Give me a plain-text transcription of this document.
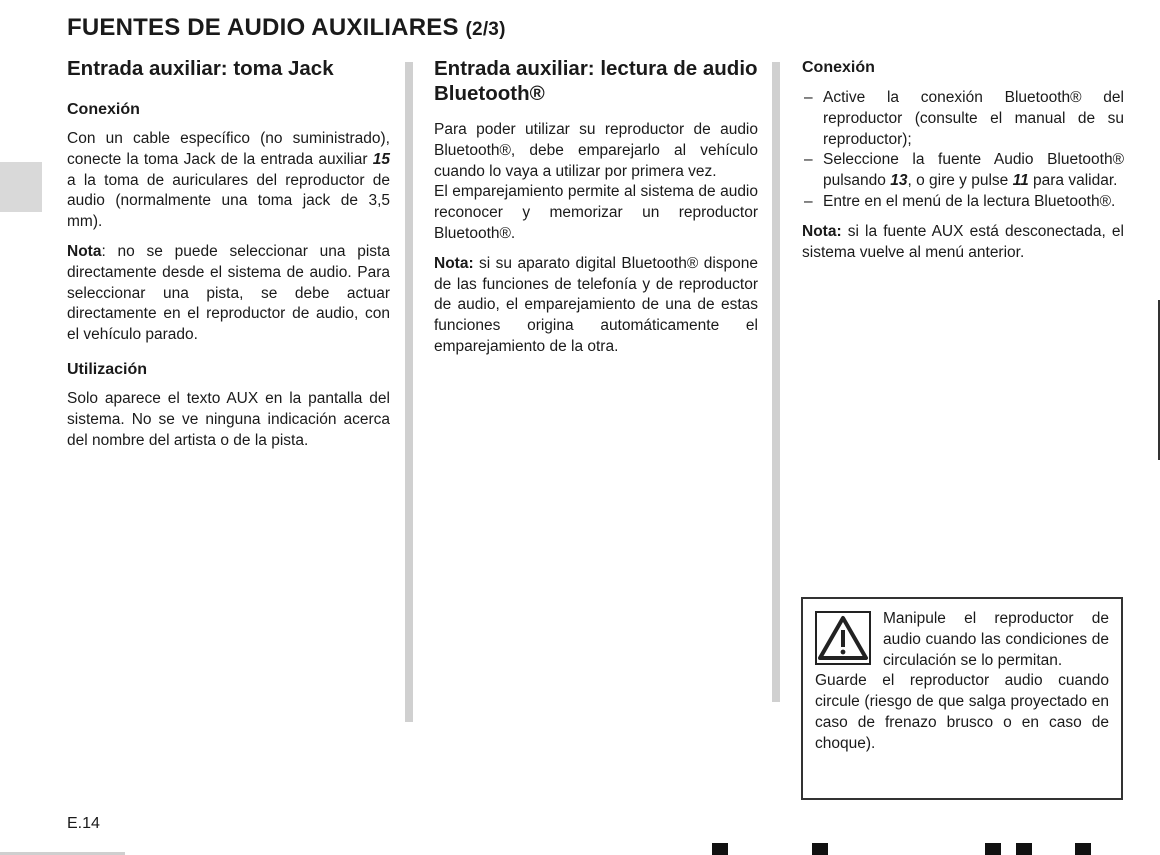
FUENTES DE AUDIO AUXILIARES (2/3)
Entrada auxiliar: toma Jack
Conexión

Con un cable específico (no suministrado), conecte la toma Jack de la entrada auxiliar 15 a la toma de auriculares del reproductor de audio (normalmente una toma jack de 3,5 mm).

Nota: no se puede seleccionar una pista directamente desde el sistema de audio. Para seleccionar una pista, se debe actuar directamente en el reproductor de audio, con el vehículo parado.

Utilización

Solo aparece el texto AUX en la pantalla del sistema. No se ve ninguna indicación acerca del nombre del artista o de la pista.

Entrada auxiliar: lectura de audio Bluetooth®

Para poder utilizar su reproductor de audio Bluetooth®, debe emparejarlo al vehículo cuando lo vaya a utilizar por primera vez.

El emparejamiento permite al sistema de audio reconocer y memorizar un reproductor Bluetooth®.

Nota: si su aparato digital Bluetooth® dispone de las funciones de telefonía y de reproductor de audio, el emparejamiento de una de estas funciones origina automáticamente el emparejamiento de la otra.

Conexión
– Active la conexión Bluetooth® del reproductor (consulte el manual de su reproductor);
– Seleccione la fuente Audio Bluetooth® pulsando 13, o gire y pulse 11 para validar.
– Entre en el menú de la lectura Bluetooth®.

Nota: si la fuente AUX está desconectada, el sistema vuelve al menú anterior.

Manipule el reproductor de audio cuando las condiciones de circulación se lo permitan.

Guarde el reproductor audio cuando circule (riesgo de que salga proyectado en caso de frenazo brusco o en caso de choque).

E.14
